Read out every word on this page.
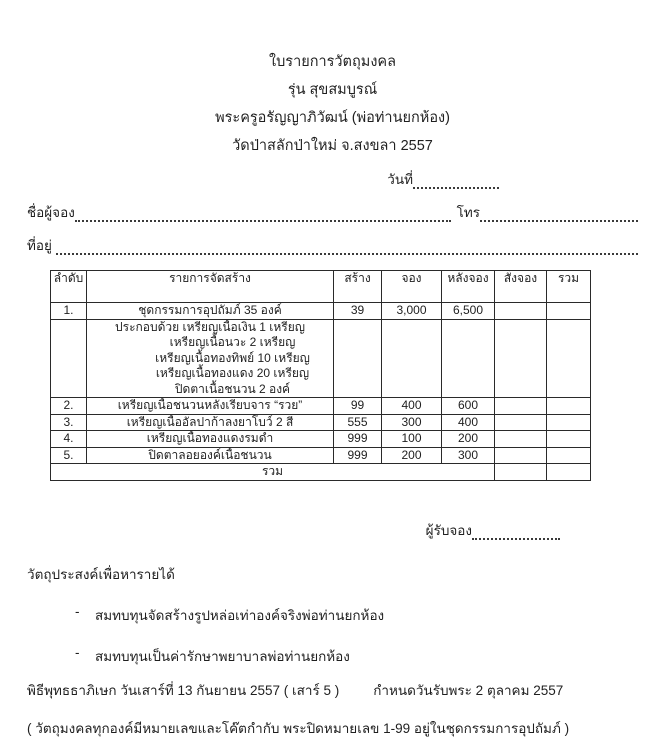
ใบรายการวัตถุมงคล
รุ่น สุขสมบูรณ์
พระครูอรัญญาภิวัฒน์ (พ่อท่านยกห้อง)
วัดป่าสลักป่าใหม่ จ.สงขลา 2557
วันที่
ชื่อผู้จอง	โทร
ที่อยู่
ลำดับ	รายการจัดสร้าง	สร้าง	จอง	หลังจอง	สั่งจอง	รวม
1.	ชุดกรรมการอุปถัมภ์ 35 องค์	39	3,000	6,500		

	ประกอบด้วย เหรียญเนื้อเงิน 1 เหรียญ
เหรียญเนื้อนวะ 2 เหรียญ
เหรียญเนื้อทองทิพย์ 10 เหรียญ
เหรียญเนื้อทองแดง 20 เหรียญ
ปิดตาเนื้อชนวน 2 องค์					

2.	เหรียญเนื้อชนวนหลังเรียบจาร “รวย”	99	400	600		
3.	เหรียญเนื้ออัลปาก้าลงยาโบว์ 2 สี	555	300	400		
4.	เหรียญเนื้อทองแดงรมดำ	999	100	200		
5.	ปิดตาลอยองค์เนื้อชนวน	999	200	300		
รวม						
ผู้รับจอง
วัตถุประสงค์เพื่อหารายได้
-	สมทบทุนจัดสร้างรูปหล่อเท่าองค์จริงพ่อท่านยกห้อง
-	สมทบทุนเป็นค่ารักษาพยาบาลพ่อท่านยกห้อง
พิธีพุทธธาภิเษก วันเสาร์ที่ 13 กันยายน 2557 ( เสาร์ 5 )	กำหนดวันรับพระ 2 ตุลาคม 2557
( วัตถุมงคลทุกองค์มีหมายเลขและโค๊ตกำกับ พระปิดหมายเลข 1-99 อยู่ในชุดกรรมการอุปถัมภ์ )
